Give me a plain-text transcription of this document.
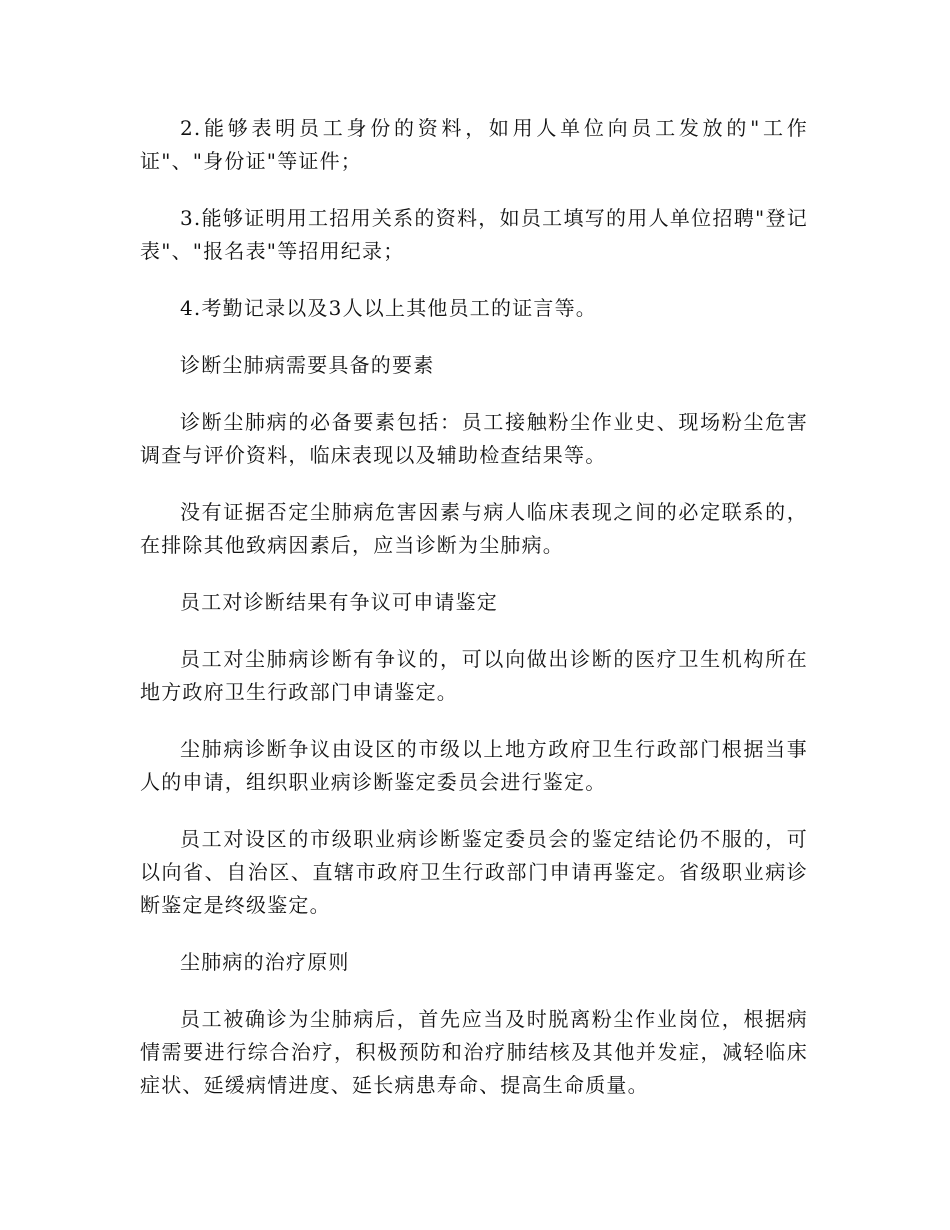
2.能够表明员工身份的资料，如用人单位向员工发放的"工作证"、"身份证"等证件；

3.能够证明用工招用关系的资料，如员工填写的用人单位招聘"登记表"、"报名表"等招用纪录；

4.考勤记录以及3人以上其他员工的证言等。

诊断尘肺病需要具备的要素

诊断尘肺病的必备要素包括：员工接触粉尘作业史、现场粉尘危害调查与评价资料，临床表现以及辅助检查结果等。

没有证据否定尘肺病危害因素与病人临床表现之间的必定联系的，在排除其他致病因素后，应当诊断为尘肺病。

员工对诊断结果有争议可申请鉴定

员工对尘肺病诊断有争议的，可以向做出诊断的医疗卫生机构所在地方政府卫生行政部门申请鉴定。

尘肺病诊断争议由设区的市级以上地方政府卫生行政部门根据当事人的申请，组织职业病诊断鉴定委员会进行鉴定。

员工对设区的市级职业病诊断鉴定委员会的鉴定结论仍不服的，可以向省、自治区、直辖市政府卫生行政部门申请再鉴定。省级职业病诊断鉴定是终级鉴定。

尘肺病的治疗原则

员工被确诊为尘肺病后，首先应当及时脱离粉尘作业岗位，根据病情需要进行综合治疗，积极预防和治疗肺结核及其他并发症，减轻临床症状、延缓病情进度、延长病患寿命、提高生命质量。
